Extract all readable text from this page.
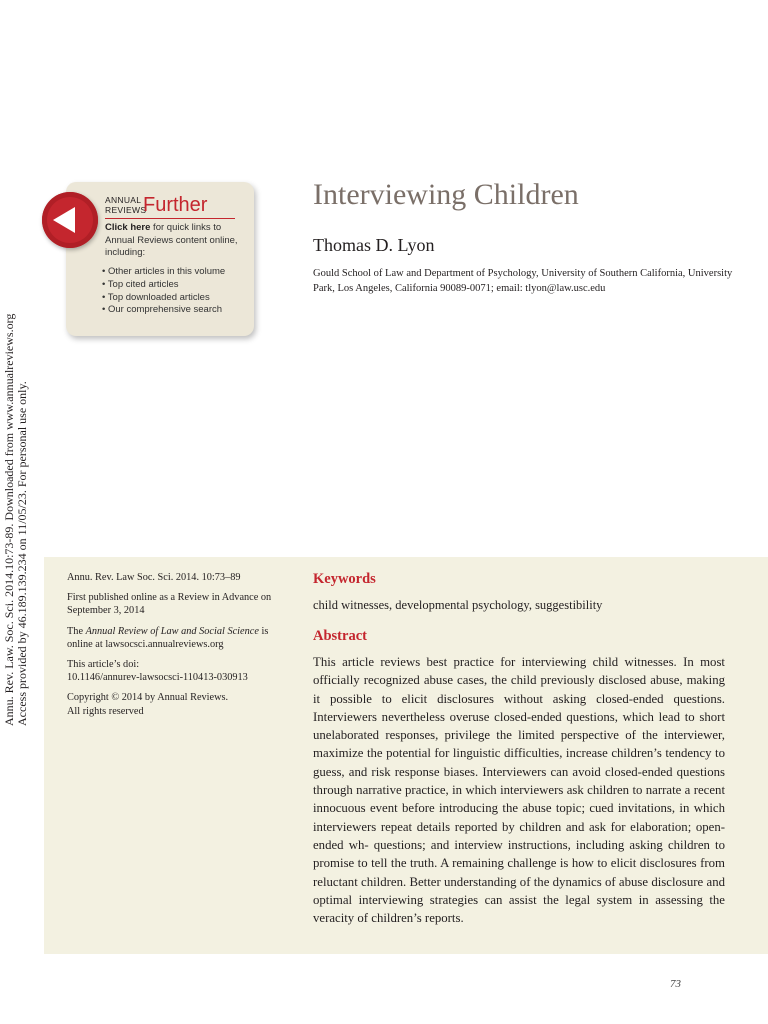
Annu. Rev. Law. Soc. Sci. 2014.10:73-89. Downloaded from www.annualreviews.org Access provided by 46.189.139.234 on 11/05/23. For personal use only.
ANNUAL
REVIEWS
Further
Click here for quick links to Annual Reviews content online, including:
• Other articles in this volume
• Top cited articles
• Top downloaded articles
• Our comprehensive search
Interviewing Children
Thomas D. Lyon
Gould School of Law and Department of Psychology, University of Southern California, University Park, Los Angeles, California 90089-0071; email: tlyon@law.usc.edu

Annu. Rev. Law Soc. Sci. 2014. 10:73–89

First published online as a Review in Advance on September 3, 2014

The Annual Review of Law and Social Science is online at lawsocsci.annualreviews.org

This article’s doi:
10.1146/annurev-lawsocsci-110413-030913

Copyright © 2014 by Annual Reviews.
All rights reserved

Keywords
child witnesses, developmental psychology, suggestibility
Abstract

This article reviews best practice for interviewing child witnesses. In most officially recognized abuse cases, the child previously disclosed abuse, making it possible to elicit disclosures without asking closed-ended questions. Interviewers nevertheless overuse closed-ended questions, which lead to short unelaborated responses, privilege the limited perspective of the interviewer, maximize the potential for linguistic difficulties, increase children’s tendency to guess, and risk response biases. Interviewers can avoid closed-ended questions through narrative practice, in which interviewers ask children to narrate a recent innocuous event before introducing the abuse topic; cued invitations, in which interviewers repeat details reported by children and ask for elaboration; open-ended wh- questions; and interview instructions, including asking children to promise to tell the truth. A remaining challenge is how to elicit disclosures from reluctant children. Better understanding of the dynamics of abuse disclosure and optimal interviewing strategies can assist the legal system in assessing the veracity of children’s reports.

73
